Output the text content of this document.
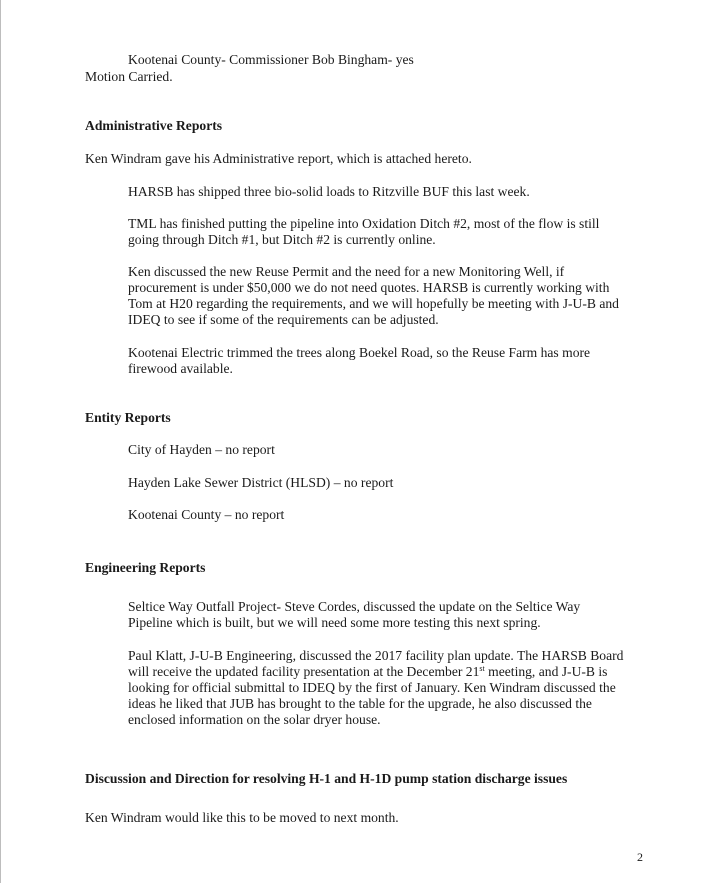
Kootenai County- Commissioner Bob Bingham- yes

Motion Carried.

Administrative Reports

Ken Windram gave his Administrative report, which is attached hereto.

HARSB has shipped three bio-solid loads to Ritzville BUF this last week.

TML has finished putting the pipeline into Oxidation Ditch #2, most of the flow is still

going through Ditch #1, but Ditch #2 is currently online.

Ken discussed the new Reuse Permit and the need for a new Monitoring Well, if

procurement is under $50,000 we do not need quotes. HARSB is currently working with

Tom at H20 regarding the requirements, and we will hopefully be meeting with J-U-B and

IDEQ to see if some of the requirements can be adjusted.

Kootenai Electric trimmed the trees along Boekel Road, so the Reuse Farm has more

firewood available.

Entity Reports

City of Hayden – no report

Hayden Lake Sewer District (HLSD) – no report

Kootenai County – no report

Engineering Reports

Seltice Way Outfall Project- Steve Cordes, discussed the update on the Seltice Way

Pipeline which is built, but we will need some more testing this next spring.

Paul Klatt, J-U-B Engineering, discussed the 2017 facility plan update. The HARSB Board

will receive the updated facility presentation at the December 21st meeting, and J-U-B is

looking for official submittal to IDEQ by the first of January. Ken Windram discussed the

ideas he liked that JUB has brought to the table for the upgrade, he also discussed the

enclosed information on the solar dryer house.

Discussion and Direction for resolving H-1 and H-1D pump station discharge issues

Ken Windram would like this to be moved to next month.

2
